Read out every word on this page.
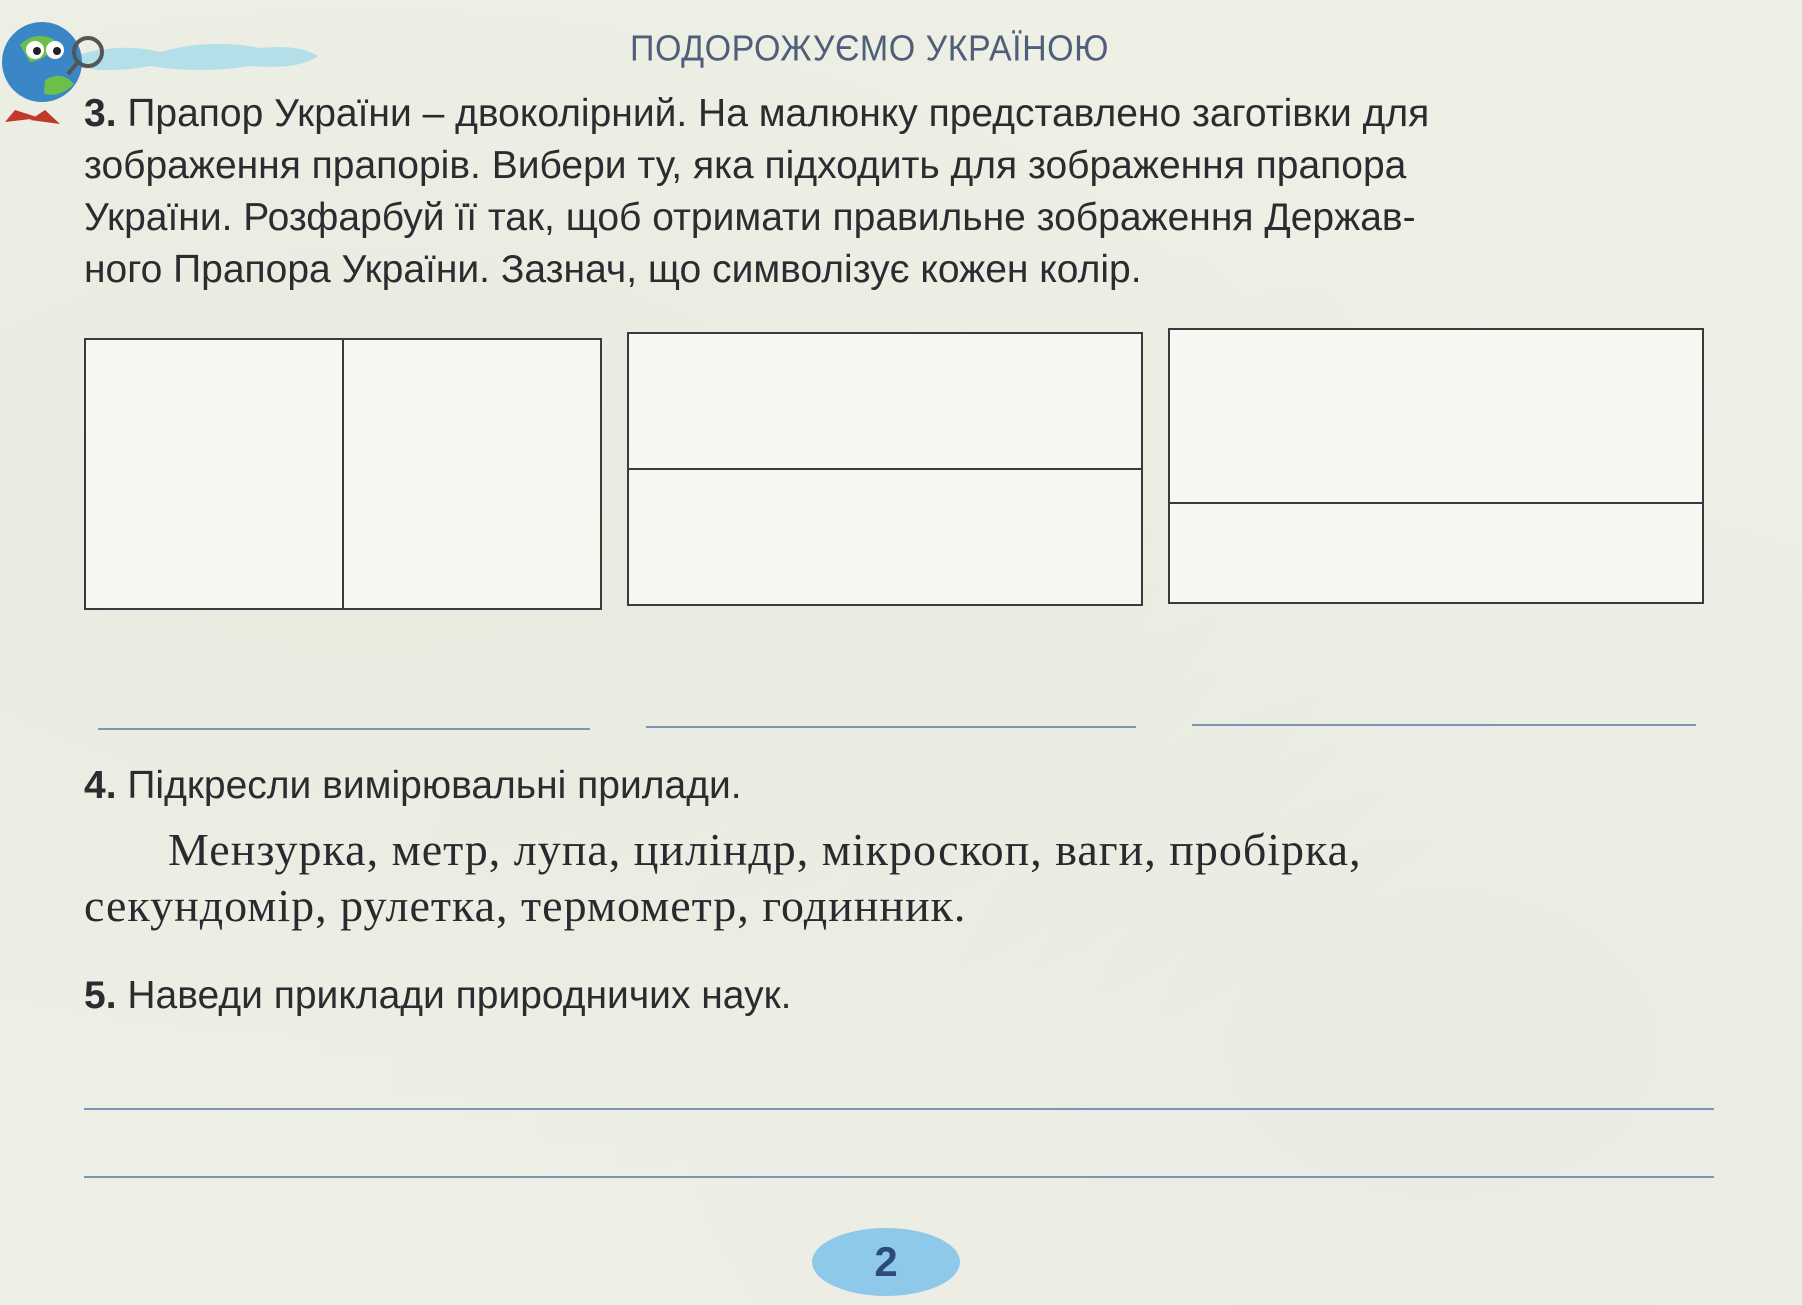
ПОДОРОЖУЄМО УКРАЇНОЮ

3. Прапор України – двоколірний. На малюнку представлено заготівки для

зображення прапорів. Вибери ту, яка підходить для зображення прапора

України. Розфарбуй її так, щоб отримати правильне зображення Держав-

ного Прапора України. Зазнач, що символізує кожен колір.

4. Підкресли вимірювальні прилади.

Мензурка, метр, лупа, циліндр, мікроскоп, ваги, пробірка,

секундомір, рулетка, термометр, годинник.

5. Наведи приклади природничих наук.
2
